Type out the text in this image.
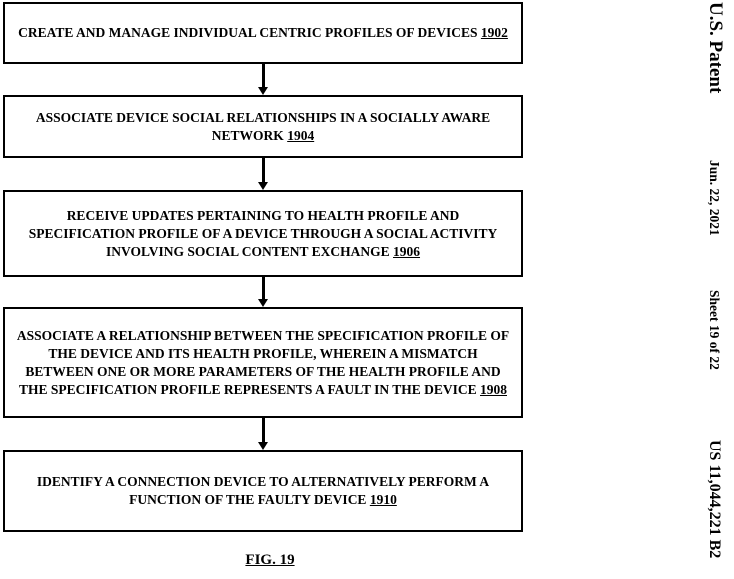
CREATE AND MANAGE INDIVIDUAL CENTRIC PROFILES OF DEVICES 1902
ASSOCIATE DEVICE SOCIAL RELATIONSHIPS IN A SOCIALLY AWARE NETWORK 1904
RECEIVE UPDATES PERTAINING TO HEALTH PROFILE AND SPECIFICATION PROFILE OF A DEVICE THROUGH A SOCIAL ACTIVITY INVOLVING SOCIAL CONTENT EXCHANGE 1906
ASSOCIATE A RELATIONSHIP BETWEEN THE SPECIFICATION PROFILE OF THE DEVICE AND ITS HEALTH PROFILE, WHEREIN A MISMATCH BETWEEN ONE OR MORE PARAMETERS OF THE HEALTH PROFILE AND THE SPECIFICATION PROFILE REPRESENTS A FAULT IN THE DEVICE 1908
IDENTIFY A CONNECTION DEVICE TO ALTERNATIVELY PERFORM A FUNCTION OF THE FAULTY DEVICE 1910
FIG. 19
U.S. Patent
Jun. 22, 2021
Sheet 19 of 22
US 11,044,221 B2
